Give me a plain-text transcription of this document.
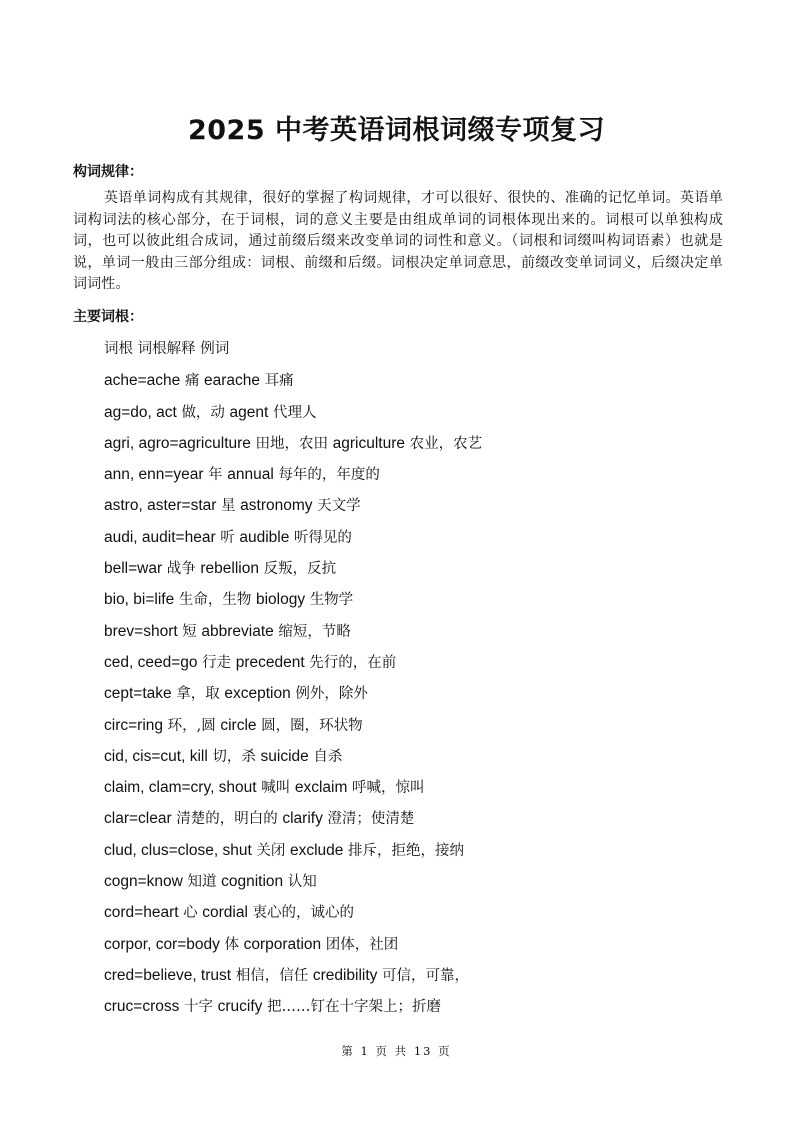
2025 中考英语词根词缀专项复习
构词规律：

英语单词构成有其规律，很好的掌握了构词规律，才可以很好、很快的、准确的记忆单词。英语单词构词法的核心部分，在于词根，词的意义主要是由组成单词的词根体现出来的。词根可以单独构成词，也可以彼此组合成词，通过前缀后缀来改变单词的词性和意义。（词根和词缀叫构词语素）也就是说，单词一般由三部分组成：词根、前缀和后缀。词根决定单词意思，前缀改变单词词义，后缀决定单词词性。

主要词根：
词根 词根解释 例词
ache=ache 痛 earache 耳痛
ag=do, act 做，动 agent 代理人
agri, agro=agriculture 田地，农田 agriculture 农业，农艺
ann, enn=year 年 annual 每年的，年度的
astro, aster=star 星 astronomy 天文学
audi, audit=hear 听 audible 听得见的
bell=war 战争 rebellion 反叛，反抗
bio, bi=life 生命，生物 biology 生物学
brev=short 短 abbreviate 缩短，节略
ced, ceed=go 行走 precedent 先行的，在前
cept=take 拿，取 exception 例外，除外
circ=ring 环，,圆 circle 圆，圈，环状物
cid, cis=cut, kill 切，杀 suicide 自杀
claim, clam=cry, shout 喊叫 exclaim 呼喊，惊叫
clar=clear 清楚的，明白的 clarify 澄清；使清楚
clud, clus=close, shut 关闭 exclude 排斥，拒绝，接纳
cogn=know 知道 cognition 认知
cord=heart 心 cordial 衷心的，诚心的
corpor, cor=body 体 corporation 团体，社团
cred=believe, trust 相信，信任 credibility 可信，可靠，
cruc=cross 十字 crucify 把……钉在十字架上；折磨
第 1 页 共 13 页
